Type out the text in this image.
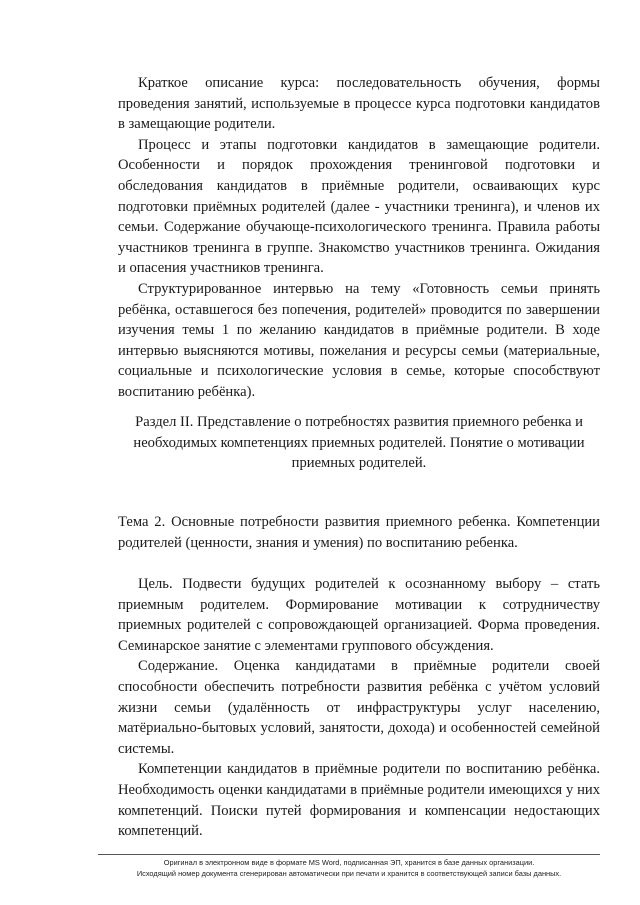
Краткое описание курса: последовательность обучения, формы проведения занятий, используемые в процессе курса подготовки кандидатов в замещающие родители.

Процесс и этапы подготовки кандидатов в замещающие родители. Особенности и порядок прохождения тренинговой подготовки и обследования кандидатов в приёмные родители, осваивающих курс подготовки приёмных родителей (далее - участники тренинга), и членов их семьи. Содержание обучающе-психологического тренинга. Правила работы участников тренинга в группе. Знакомство участников тренинга. Ожидания и опасения участников тренинга.

Структурированное интервью на тему «Готовность семьи принять ребёнка, оставшегося без попечения, родителей» проводится по завершении изучения темы 1 по желанию кандидатов в приёмные родители. В ходе интервью выясняются мотивы, пожелания и ресурсы семьи (материальные, социальные и психологические условия в семье, которые способствуют воспитанию ребёнка).

Раздел II. Представление о потребностях развития приемного ребенка и необходимых компетенциях приемных родителей. Понятие о мотивации приемных родителей.

Тема 2. Основные потребности развития приемного ребенка. Компетенции родителей (ценности, знания и умения) по воспитанию ребенка.

Цель. Подвести будущих родителей к осознанному выбору – стать приемным родителем. Формирование мотивации к сотрудничеству приемных родителей с сопровождающей организацией. Форма проведения. Семинарское занятие с элементами группового обсуждения.

Содержание. Оценка кандидатами в приёмные родители своей способности обеспечить потребности развития ребёнка с учётом условий жизни семьи (удалённость от инфраструктуры услуг населению, матёриально-бытовых условий, занятости, дохода) и особенностей семейной системы.

Компетенции кандидатов в приёмные родители по воспитанию ребёнка. Необходимость оценки кандидатами в приёмные родители имеющихся у них компетенций. Поиски путей формирования и компенсации недостающих компетенций.

Оригинал в электронном виде в формате MS Word, подписанная ЭП, хранится в базе данных организации.
Исходящий номер документа сгенерирован автоматически при печати и хранится в соответствующей записи базы данных.
